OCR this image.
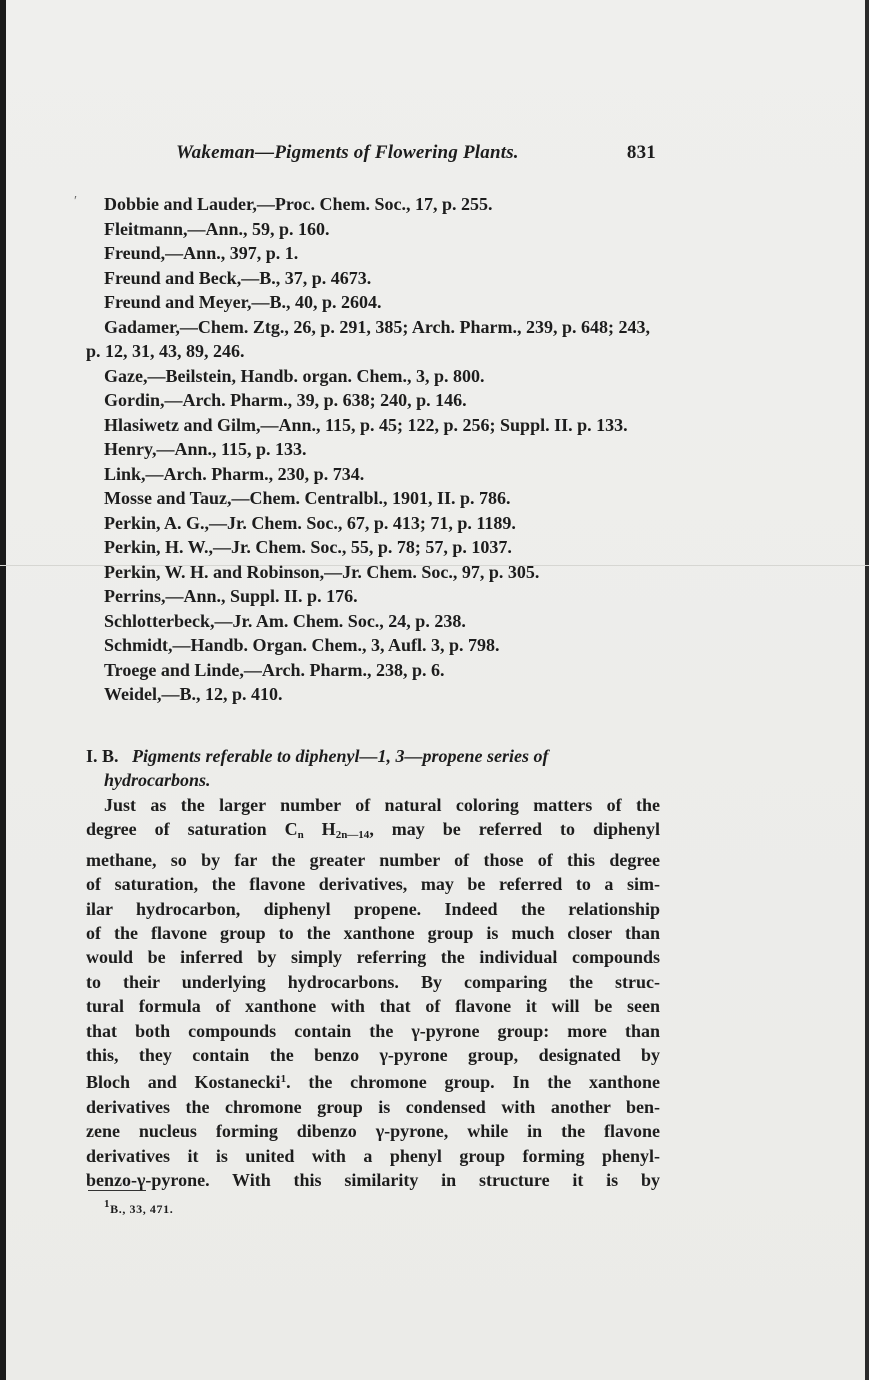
Wakeman—Pigments of Flowering Plants.	831
′	Dobbie and Lauder,—Proc. Chem. Soc., 17, p. 255.

Fleitmann,—Ann., 59, p. 160.

Freund,—Ann., 397, p. 1.

Freund and Beck,—B., 37, p. 4673.

Freund and Meyer,—B., 40, p. 2604.

Gadamer,—Chem. Ztg., 26, p. 291, 385; Arch. Pharm., 239, p. 648; 243, p. 12, 31, 43, 89, 246.

Gaze,—Beilstein, Handb. organ. Chem., 3, p. 800.

Gordin,—Arch. Pharm., 39, p. 638; 240, p. 146.

Hlasiwetz and Gilm,—Ann., 115, p. 45; 122, p. 256; Suppl. II. p. 133.

Henry,—Ann., 115, p. 133.

Link,—Arch. Pharm., 230, p. 734.

Mosse and Tauz,—Chem. Centralbl., 1901, II. p. 786.

Perkin, A. G.,—Jr. Chem. Soc., 67, p. 413; 71, p. 1189.

Perkin, H. W.,—Jr. Chem. Soc., 55, p. 78; 57, p. 1037.

Perkin, W. H. and Robinson,—Jr. Chem. Soc., 97, p. 305.

Perrins,—Ann., Suppl. II. p. 176.

Schlotterbeck,—Jr. Am. Chem. Soc., 24, p. 238.

Schmidt,—Handb. Organ. Chem., 3, Aufl. 3, p. 798.

Troege and Linde,—Arch. Pharm., 238, p. 6.

Weidel,—B., 12, p. 410.

I. B. Pigments referable to diphenyl—1, 3—propene series of
hydrocarbons.
Just as the larger number of natural coloring matters of the
degree of saturation $C_n$ $H_{2n—14}$, may be referred to diphenyl
methane, so by far the greater number of those of this degree
of saturation, the flavone derivatives, may be referred to a sim-
ilar hydrocarbon, diphenyl propene. Indeed the relationship
of the flavone group to the xanthone group is much closer than
would be inferred by simply referring the individual compounds
to their underlying hydrocarbons. By comparing the struc-
tural formula of xanthone with that of flavone it will be seen
that both compounds contain the γ-pyrone group: more than
this, they contain the benzo γ-pyrone group, designated by
Bloch and Kostanecki$^1$. the chromone group. In the xanthone
derivatives the chromone group is condensed with another ben-
zene nucleus forming dibenzo γ-pyrone, while in the flavone
derivatives it is united with a phenyl group forming phenyl-
benzo-γ-pyrone. With this similarity in structure it is by
$^1$B., 33, 471.
